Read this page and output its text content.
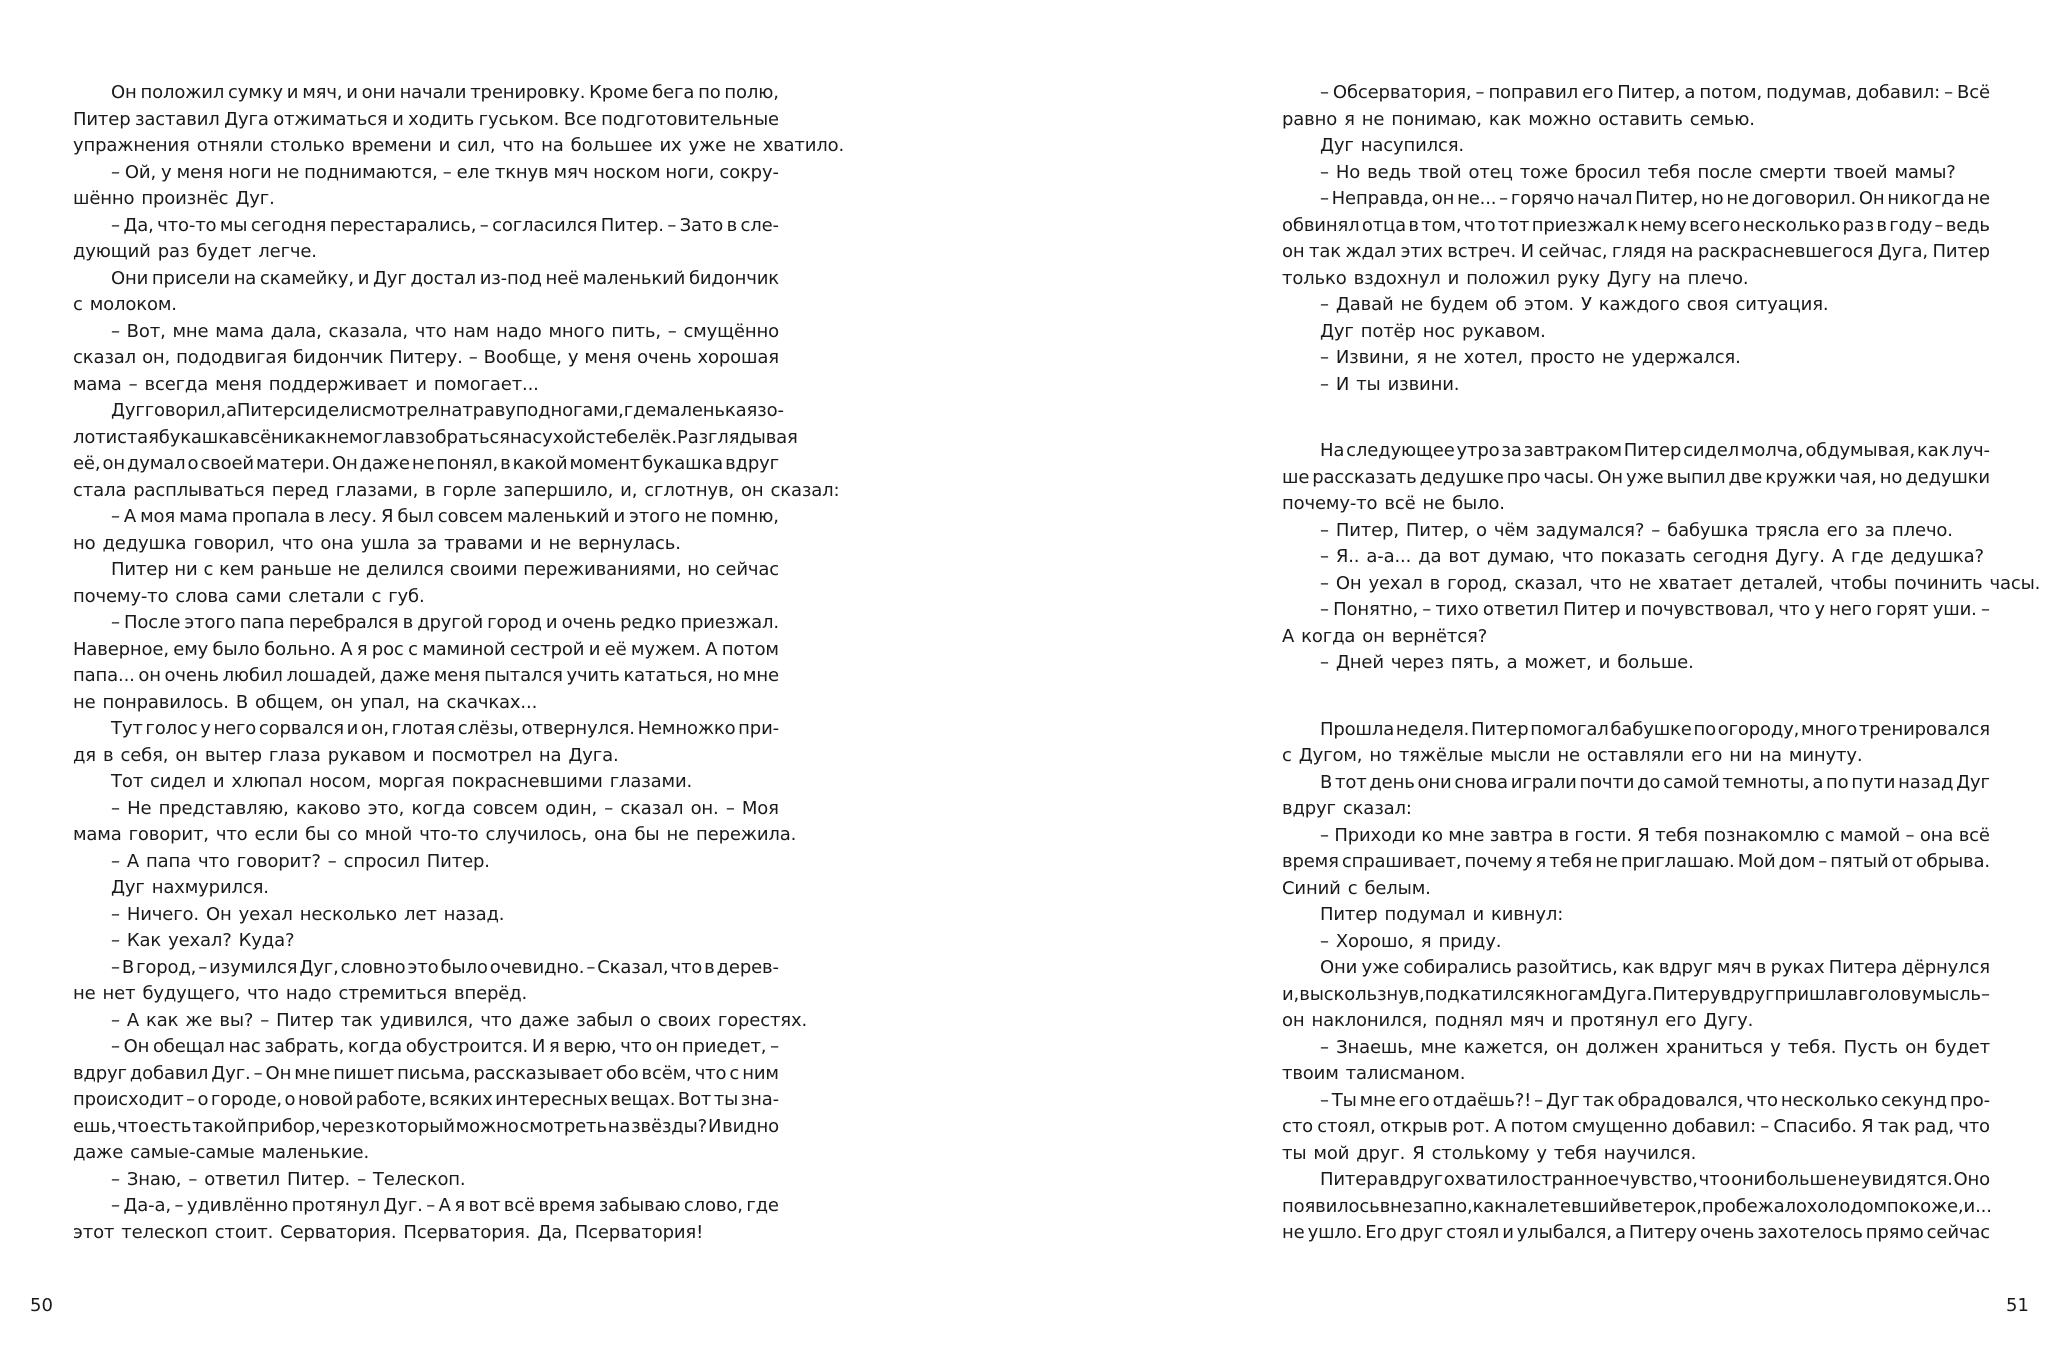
Он положил сумку и мяч, и они начали тренировку. Кроме бега по полю,
Питер заставил Дуга отжиматься и ходить гуськом. Все подготовительные
упражнения отняли столько времени и сил, что на большее их уже не хватило.
– Ой, у меня ноги не поднимаются, – еле ткнув мяч носком ноги, сокру-
шённо произнёс Дуг.
– Да, что-то мы сегодня перестарались, – согласился Питер. – Зато в сле-
дующий раз будет легче.
Они присели на скамейку, и Дуг достал из-под неё маленький бидончик
с молоком.
– Вот, мне мама дала, сказала, что нам надо много пить, – смущённо
сказал он, пододвигая бидончик Питеру. – Вообще, у меня очень хорошая
мама – всегда меня поддерживает и помогает...
Дуг говорил, а Питер сидел и смотрел на траву под ногами, где маленькая зо-
лотистая букашка всё никак не могла взобраться на сухой стебелёк. Разглядывая
её, он думал о своей матери. Он даже не понял, в какой момент букашка вдруг
стала расплываться перед глазами, в горле запершило, и, сглотнув, он сказал:
– А моя мама пропала в лесу. Я был совсем маленький и этого не помню,
но дедушка говорил, что она ушла за травами и не вернулась.
Питер ни с кем раньше не делился своими переживаниями, но сейчас
почему-то слова сами слетали с губ.
– После этого папа перебрался в другой город и очень редко приезжал.
Наверное, ему было больно. А я рос с маминой сестрой и её мужем. А потом
папа... он очень любил лошадей, даже меня пытался учить кататься, но мне
не понравилось. В общем, он упал, на скачках...
Тут голос у него сорвался и он, глотая слёзы, отвернулся. Немножко при-
дя в себя, он вытер глаза рукавом и посмотрел на Дуга.
Тот сидел и хлюпал носом, моргая покрасневшими глазами.
– Не представляю, каково это, когда совсем один, – сказал он. – Моя
мама говорит, что если бы со мной что-то случилось, она бы не пережила.
– А папа что говорит? – спросил Питер.
Дуг нахмурился.
– Ничего. Он уехал несколько лет назад.
– Как уехал? Куда?
– В город, – изумился Дуг, словно это было очевидно. – Сказал, что в дерев-
не нет будущего, что надо стремиться вперёд.
– А как же вы? – Питер так удивился, что даже забыл о своих горестях.
– Он обещал нас забрать, когда обустроится. И я верю, что он приедет, –
вдруг добавил Дуг. – Он мне пишет письма, рассказывает обо всём, что с ним
происходит – о городе, о новой работе, всяких интересных вещах. Вот ты зна-
ешь, что есть такой прибор, через который можно смотреть на звёзды? И видно
даже самые-самые маленькие.
– Знаю, – ответил Питер. – Телескоп.
– Да-а, – удивлённо протянул Дуг. – А я вот всё время забываю слово, где
этот телескоп стоит. Серватория. Псерватория. Да, Псерватория!
– Обсерватория, – поправил его Питер, а потом, подумав, добавил: – Всё
равно я не понимаю, как можно оставить семью.
Дуг насупился.
– Но ведь твой отец тоже бросил тебя после смерти твоей мамы?
– Неправда, он не... – горячо начал Питер, но не договорил. Он никогда не
обвинял отца в том, что тот приезжал к нему всего несколько раз в году – ведь
он так ждал этих встреч. И сейчас, глядя на раскрасневшегося Дуга, Питер
только вздохнул и положил руку Дугу на плечо.
– Давай не будем об этом. У каждого своя ситуация.
Дуг потёр нос рукавом.
– Извини, я не хотел, просто не удержался.
– И ты извини.
На следующее утро за завтраком Питер сидел молча, обдумывая, как луч-
ше рассказать дедушке про часы. Он уже выпил две кружки чая, но дедушки
почему-то всё не было.
– Питер, Питер, о чём задумался? – бабушка трясла его за плечо.
– Я.. а-а... да вот думаю, что показать сегодня Дугу. А где дедушка?
– Он уехал в город, сказал, что не хватает деталей, чтобы починить часы.
– Понятно, – тихо ответил Питер и почувствовал, что у него горят уши. –
А когда он вернётся?
– Дней через пять, а может, и больше.
Прошла неделя. Питер помогал бабушке по огороду, много тренировался
с Дугом, но тяжёлые мысли не оставляли его ни на минуту.
В тот день они снова играли почти до самой темноты, а по пути назад Дуг
вдруг сказал:
– Приходи ко мне завтра в гости. Я тебя познакомлю с мамой – она всё
время спрашивает, почему я тебя не приглашаю. Мой дом – пятый от обрыва.
Синий с белым.
Питер подумал и кивнул:
– Хорошо, я приду.
Они уже собирались разойтись, как вдруг мяч в руках Питера дёрнулся
и, выскользнув, подкатился к ногам Дуга. Питеру вдруг пришла в голову мысль –
он наклонился, поднял мяч и протянул его Дугу.
– Знаешь, мне кажется, он должен храниться у тебя. Пусть он будет
твоим талисманом.
– Ты мне его отдаёшь?! – Дуг так обрадовался, что несколько секунд про-
сто стоял, открыв рот. А потом смущенно добавил: – Спасибо. Я так рад, что
ты мой друг. Я стольkому у тебя научился.
Питера вдруг охватило странное чувство, что они больше не увидятся. Оно
появилось внезапно, как налетевший ветерок, пробежало холодом по коже, и...
не ушло. Его друг стоял и улыбался, а Питеру очень захотелось прямо сейчас
50	51
